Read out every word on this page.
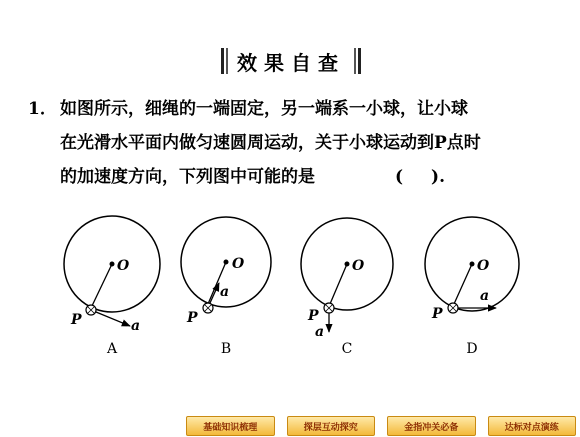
效果自查
1． 如图所示，细绳的一端固定，另一端系一小球，让小球
在光滑水平面内做匀速圆周运动，关于小球运动到P点时
的加速度方向，下列图中可能的是	( ).
O
P	a
A
O
P
a
B
O
P
a
C
O
P
a
D
基础知识梳理	探层互动探究	金指冲关必备	达标对点演练
